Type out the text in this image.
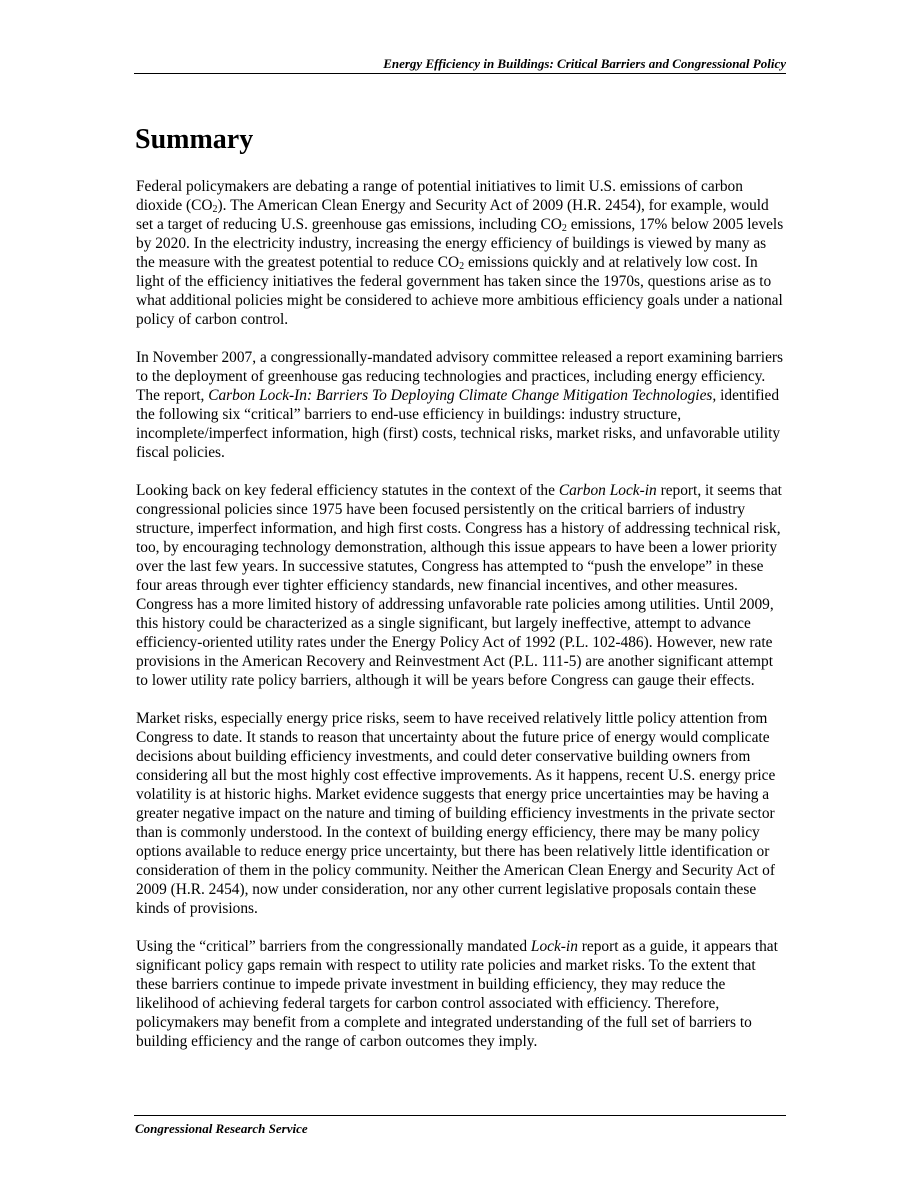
Energy Efficiency in Buildings: Critical Barriers and Congressional Policy
Summary

Federal policymakers are debating a range of potential initiatives to limit U.S. emissions of carbon dioxide $(CO_2)$. The American Clean Energy and Security Act of 2009 (H.R. 2454), for example, would set a target of reducing U.S. greenhouse gas emissions, including $CO_2$ emissions, 17% below 2005 levels by 2020. In the electricity industry, increasing the energy efficiency of buildings is viewed by many as the measure with the greatest potential to reduce $CO_2$ emissions quickly and at relatively low cost. In light of the efficiency initiatives the federal government has taken since the 1970s, questions arise as to what additional policies might be considered to achieve more ambitious efficiency goals under a national policy of carbon control.

In November 2007, a congressionally-mandated advisory committee released a report examining barriers to the deployment of greenhouse gas reducing technologies and practices, including energy efficiency. The report, Carbon Lock-In: Barriers To Deploying Climate Change Mitigation Technologies, identified the following six “critical” barriers to end-use efficiency in buildings: industry structure, incomplete/imperfect information, high (first) costs, technical risks, market risks, and unfavorable utility fiscal policies.

Looking back on key federal efficiency statutes in the context of the Carbon Lock-in report, it seems that congressional policies since 1975 have been focused persistently on the critical barriers of industry structure, imperfect information, and high first costs. Congress has a history of addressing technical risk, too, by encouraging technology demonstration, although this issue appears to have been a lower priority over the last few years. In successive statutes, Congress has attempted to “push the envelope” in these four areas through ever tighter efficiency standards, new financial incentives, and other measures. Congress has a more limited history of addressing unfavorable rate policies among utilities. Until 2009, this history could be characterized as a single significant, but largely ineffective, attempt to advance efficiency-oriented utility rates under the Energy Policy Act of 1992 (P.L. 102-486). However, new rate provisions in the American Recovery and Reinvestment Act (P.L. 111-5) are another significant attempt to lower utility rate policy barriers, although it will be years before Congress can gauge their effects.

Market risks, especially energy price risks, seem to have received relatively little policy attention from Congress to date. It stands to reason that uncertainty about the future price of energy would complicate decisions about building efficiency investments, and could deter conservative building owners from considering all but the most highly cost effective improvements. As it happens, recent U.S. energy price volatility is at historic highs. Market evidence suggests that energy price uncertainties may be having a greater negative impact on the nature and timing of building efficiency investments in the private sector than is commonly understood. In the context of building energy efficiency, there may be many policy options available to reduce energy price uncertainty, but there has been relatively little identification or consideration of them in the policy community. Neither the American Clean Energy and Security Act of 2009 (H.R. 2454), now under consideration, nor any other current legislative proposals contain these kinds of provisions.

Using the “critical” barriers from the congressionally mandated Lock-in report as a guide, it appears that significant policy gaps remain with respect to utility rate policies and market risks. To the extent that these barriers continue to impede private investment in building efficiency, they may reduce the likelihood of achieving federal targets for carbon control associated with efficiency. Therefore, policymakers may benefit from a complete and integrated understanding of the full set of barriers to building efficiency and the range of carbon outcomes they imply.

Congressional Research Service
